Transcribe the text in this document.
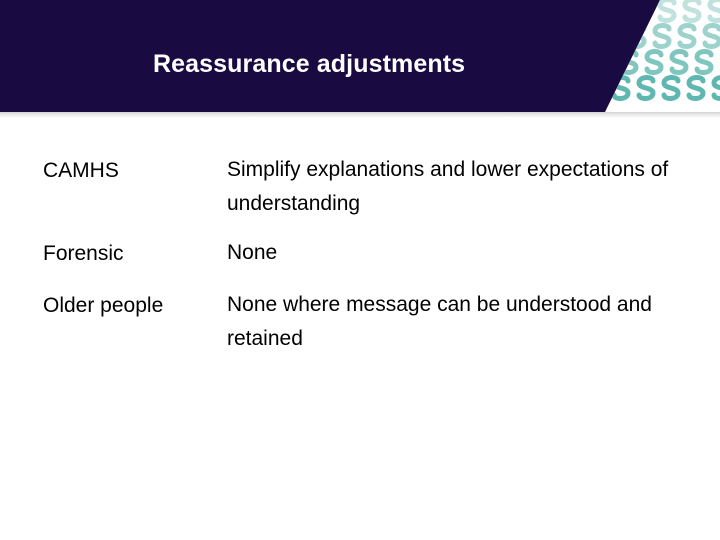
Reassurance adjustments
CAMHS	Simplify explanations and lower expectations of understanding
Forensic	None
Older people	None where message can be understood and retained
